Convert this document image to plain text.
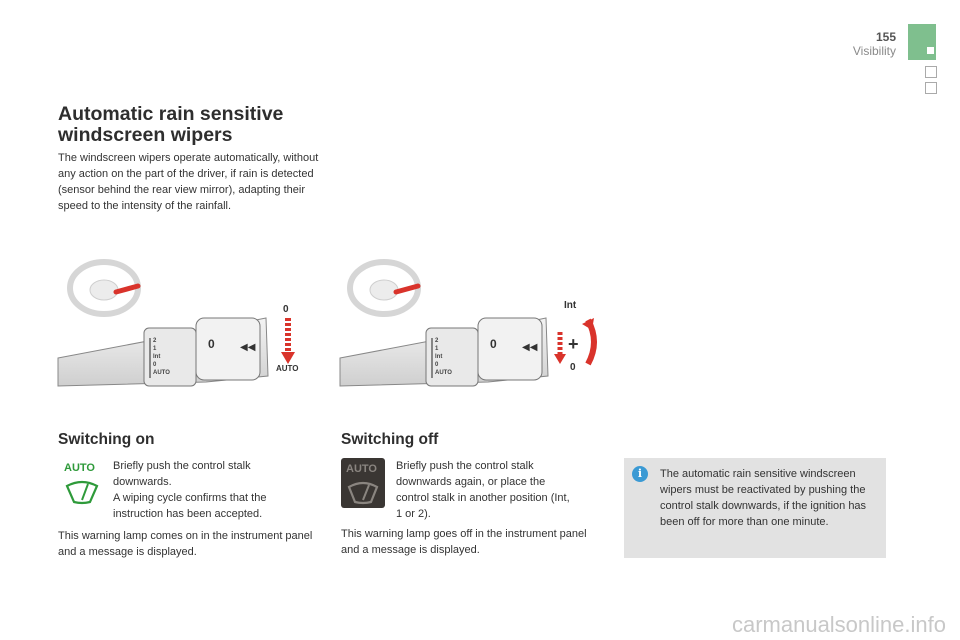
155
Visibility
Automatic rain sensitive windscreen wipers
The windscreen wipers operate automatically, without any action on the part of the driver, if rain is detected (sensor behind the rear view mirror), adapting their speed to the intensity of the rainfall.
2
1
Int
0
AUTO
0	◀◀
0
AUTO
2
1
Int
0
AUTO
0	◀◀ +
Int
0
Switching on
AUTO Briefly push the control stalk downwards.
A wiping cycle confirms that the instruction has been accepted.
This warning lamp comes on in the instrument panel and a message is displayed.
Switching off
AUTO Briefly push the control stalk downwards again, or place the control stalk in another position (Int, 1 or 2).
This warning lamp goes off in the instrument panel and a message is displayed.
i	The automatic rain sensitive windscreen wipers must be reactivated by pushing the control stalk downwards, if the ignition has been off for more than one minute.
carmanualsonline.info
